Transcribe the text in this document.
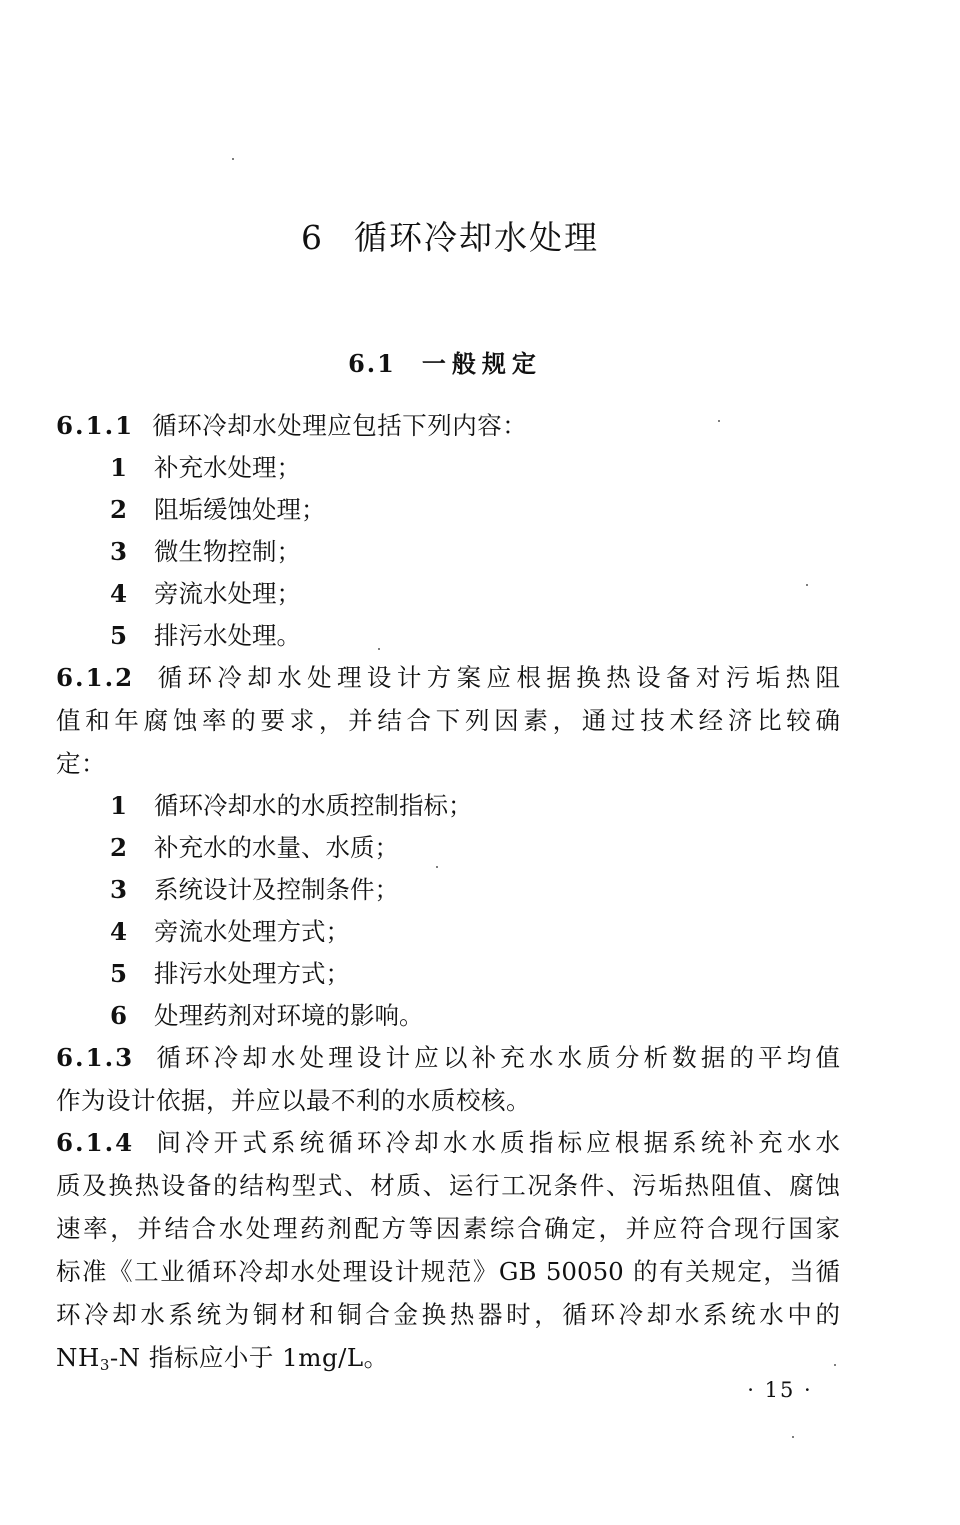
6 循环冷却水处理
6.1 一般规定
6.1.1 循环冷却水处理应包括下列内容：
1 补充水处理；
2 阻垢缓蚀处理；
3 微生物控制；
4 旁流水处理；
5 排污水处理。
6.1.2 循环冷却水处理设计方案应根据换热设备对污垢热阻
值和年腐蚀率的要求，并结合下列因素，通过技术经济比较确
定：
1 循环冷却水的水质控制指标；
2 补充水的水量、水质；
3 系统设计及控制条件；
4 旁流水处理方式；
5 排污水处理方式；
6 处理药剂对环境的影响。
6.1.3 循环冷却水处理设计应以补充水水质分析数据的平均值
作为设计依据，并应以最不利的水质校核。
6.1.4 间冷开式系统循环冷却水水质指标应根据系统补充水水
质及换热设备的结构型式、材质、运行工况条件、污垢热阻值、腐蚀
速率，并结合水处理药剂配方等因素综合确定，并应符合现行国家
标准《工业循环冷却水处理设计规范》GB 50050 的有关规定，当循
环冷却水系统为铜材和铜合金换热器时，循环冷却水系统水中的
$NH_3-N$ 指标应小于 1mg/L。
· 15 ·
